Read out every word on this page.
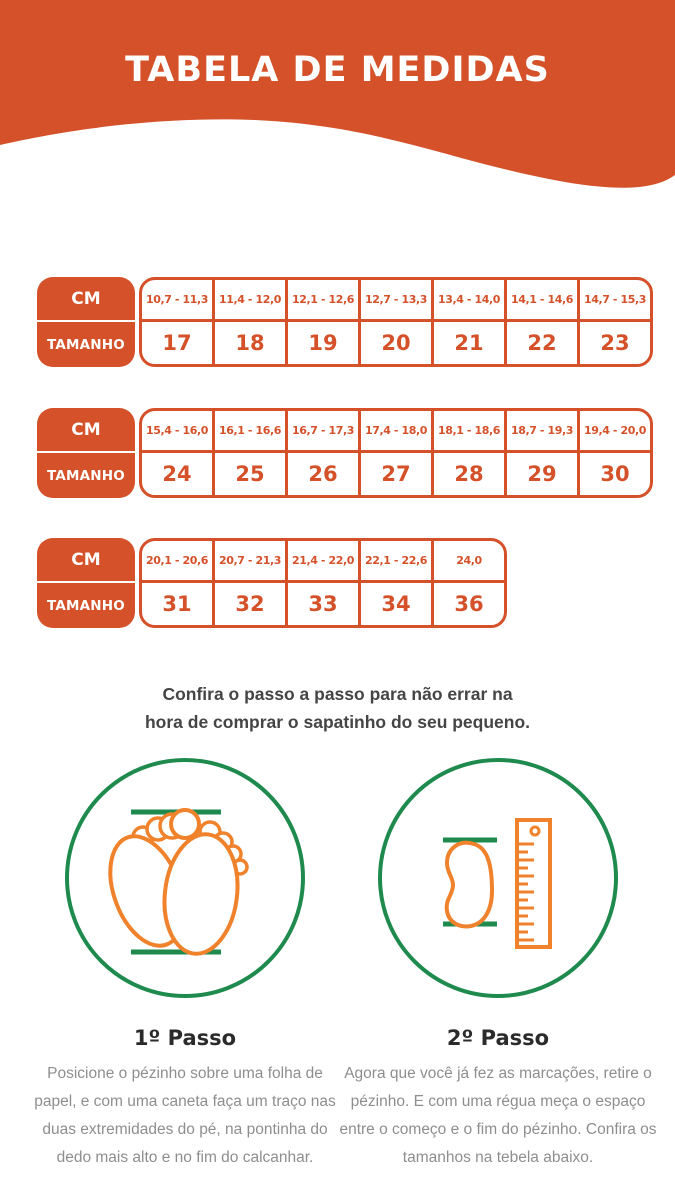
TABELA DE MEDIDAS
CM
TAMANHO
10,7 - 11,3
17
11,4 - 12,0
18
12,1 - 12,6
19
12,7 - 13,3
20
13,4 - 14,0
21
14,1 - 14,6
22
14,7 - 15,3
23
CM
TAMANHO
15,4 - 16,0
24
16,1 - 16,6
25
16,7 - 17,3
26
17,4 - 18,0
27
18,1 - 18,6
28
18,7 - 19,3
29
19,4 - 20,0
30
CM
TAMANHO
20,1 - 20,6
31
20,7 - 21,3
32
21,4 - 22,0
33
22,1 - 22,6
34
24,0
36

Confira o passo a passo para não errar na
hora de comprar o sapatinho do seu pequeno.

1º Passo

Posicione o pézinho sobre uma folha de papel, e com uma caneta faça um traço nas duas extremidades do pé, na pontinha do dedo mais alto e no fim do calcanhar.

2º Passo

Agora que você já fez as marcações, retire o pézinho. E com uma régua meça o espaço entre o começo e o fim do pézinho. Confira os tamanhos na tebela abaixo.
